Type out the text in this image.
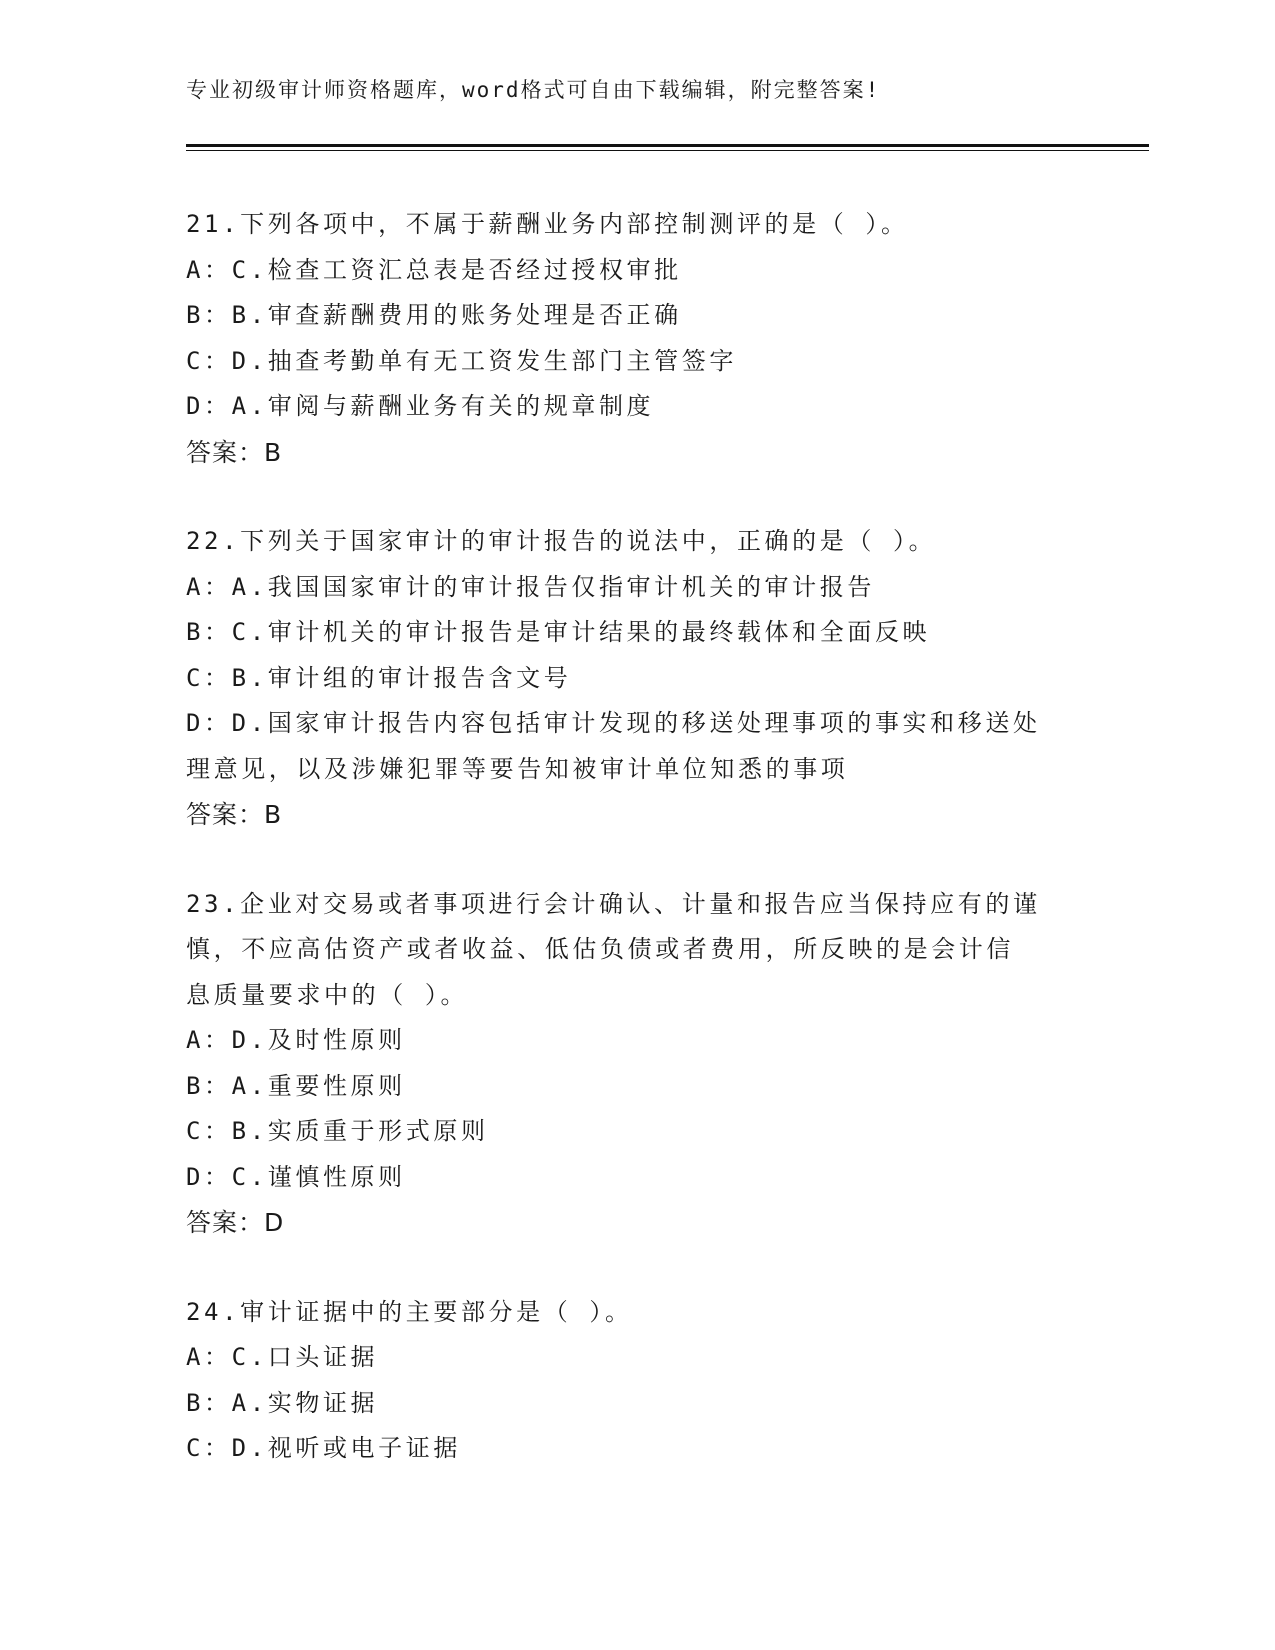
专业初级审计师资格题库，word格式可自由下载编辑，附完整答案!
21.下列各项中，不属于薪酬业务内部控制测评的是（ ）。
A：C.检查工资汇总表是否经过授权审批
B：B.审查薪酬费用的账务处理是否正确
C：D.抽查考勤单有无工资发生部门主管签字
D：A.审阅与薪酬业务有关的规章制度
答案：B
22.下列关于国家审计的审计报告的说法中，正确的是（ ）。
A：A.我国国家审计的审计报告仅指审计机关的审计报告
B：C.审计机关的审计报告是审计结果的最终载体和全面反映
C：B.审计组的审计报告含文号
D：D.国家审计报告内容包括审计发现的移送处理事项的事实和移送处
理意见，以及涉嫌犯罪等要告知被审计单位知悉的事项
答案：B
23.企业对交易或者事项进行会计确认、计量和报告应当保持应有的谨
慎，不应高估资产或者收益、低估负债或者费用，所反映的是会计信
息质量要求中的（ ）。
A：D.及时性原则
B：A.重要性原则
C：B.实质重于形式原则
D：C.谨慎性原则
答案：D
24.审计证据中的主要部分是（ ）。
A：C.口头证据
B：A.实物证据
C：D.视听或电子证据
